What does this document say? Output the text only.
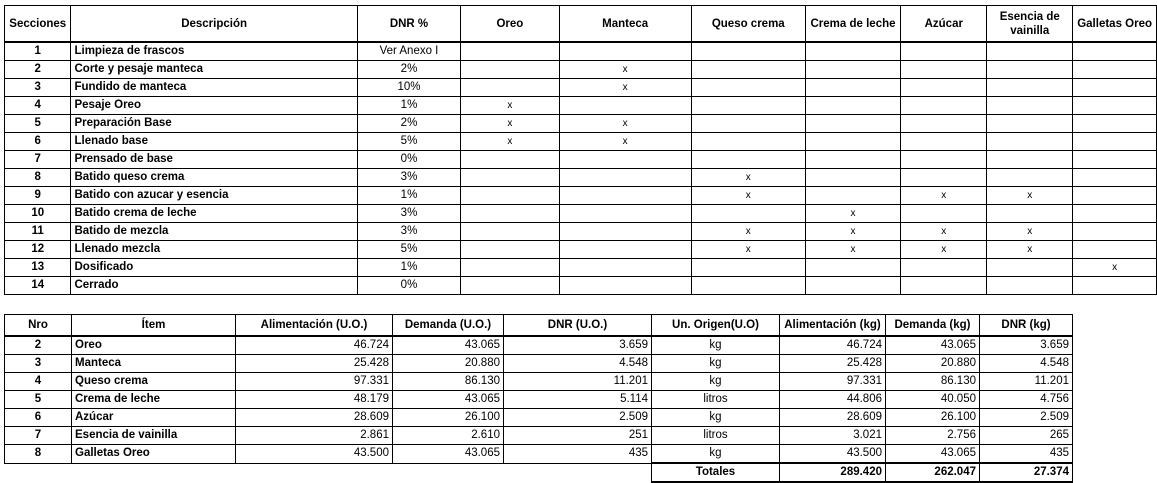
Secciones	Descripción	DNR %	Oreo	Manteca	Queso crema	Crema de leche	Azúcar	Esencia de vainilla	Galletas Oreo
1	Limpieza de frascos	Ver Anexo I							
2	Corte y pesaje manteca	2%		x					
3	Fundido de manteca	10%		x					
4	Pesaje Oreo	1%	x						
5	Preparación Base	2%	x	x					
6	Llenado base	5%	x	x					
7	Prensado de base	0%							
8	Batido queso crema	3%			x				
9	Batido con azucar y esencia	1%			x		x	x	
10	Batido crema de leche	3%				x			
11	Batido de mezcla	3%			x	x	x	x	
12	Llenado mezcla	5%			x	x	x	x	
13	Dosificado	1%							x
14	Cerrado	0%							
Nro	Ítem	Alimentación (U.O.)	Demanda (U.O.)	DNR (U.O.)	Un. Origen(U.O)	Alimentación (kg)	Demanda (kg)	DNR (kg)
2	Oreo	46.724	43.065	3.659	kg	46.724	43.065	3.659
3	Manteca	25.428	20.880	4.548	kg	25.428	20.880	4.548
4	Queso crema	97.331	86.130	11.201	kg	97.331	86.130	11.201
5	Crema de leche	48.179	43.065	5.114	litros	44.806	40.050	4.756
6	Azúcar	28.609	26.100	2.509	kg	28.609	26.100	2.509
7	Esencia de vainilla	2.861	2.610	251	litros	3.021	2.756	265
8	Galletas Oreo	43.500	43.065	435	kg	43.500	43.065	435
					Totales	289.420	262.047	27.374
